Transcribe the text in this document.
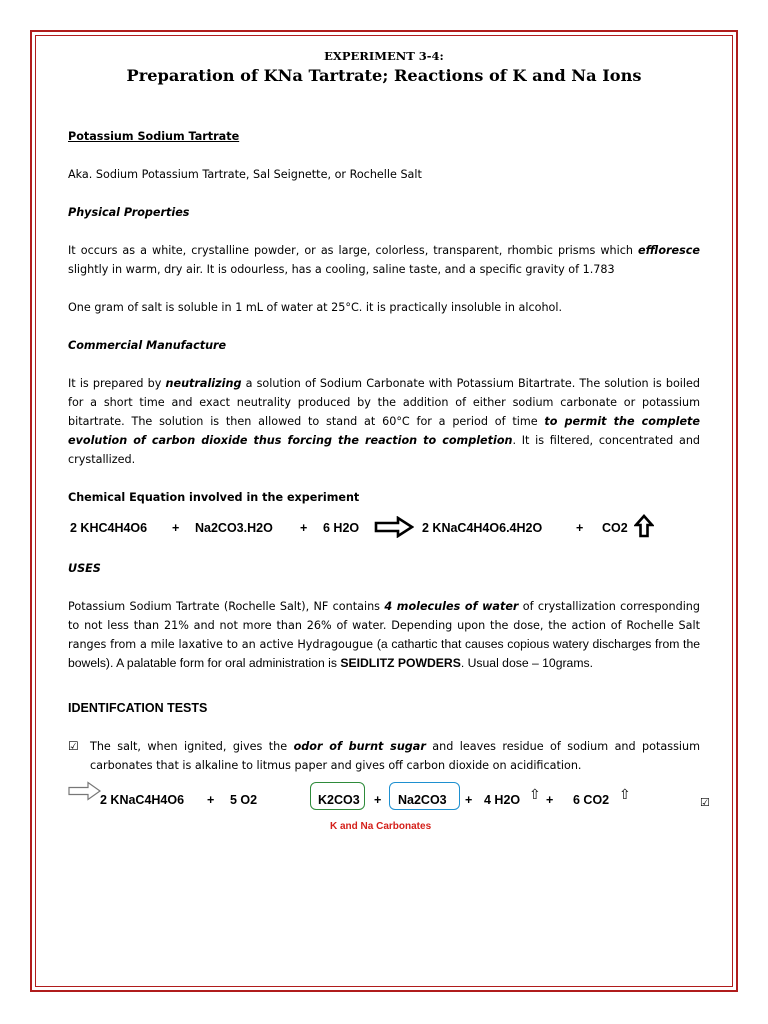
EXPERIMENT 3-4:
Preparation of KNa Tartrate; Reactions of K and Na Ions

Potassium Sodium Tartrate

Aka. Sodium Potassium Tartrate, Sal Seignette, or Rochelle Salt

Physical Properties

It occurs as a white, crystalline powder, or as large, colorless, transparent, rhombic prisms which effloresce slightly in warm, dry air. It is odourless, has a cooling, saline taste, and a specific gravity of 1.783

One gram of salt is soluble in 1 mL of water at 25°C. it is practically insoluble in alcohol.

Commercial Manufacture

It is prepared by neutralizing a solution of Sodium Carbonate with Potassium Bitartrate. The solution is boiled for a short time and exact neutrality produced by the addition of either sodium carbonate or potassium bitartrate. The solution is then allowed to stand at 60°C for a period of time to permit the complete evolution of carbon dioxide thus forcing the reaction to completion. It is filtered, concentrated and crystallized.

Chemical Equation involved in the experiment

2 KHC4H4O6 + Na2CO3.H2O + 6 H2O → 2 KNaC4H4O6.4H2O	+ CO2

USES

Potassium Sodium Tartrate (Rochelle Salt), NF contains 4 molecules of water of crystallization corresponding to not less than 21% and not more than 26% of water. Depending upon the dose, the action of Rochelle Salt ranges from a mile laxative to an active Hydragougue (a cathartic that causes copious watery discharges from the bowels). A palatable form for oral administration is SEIDLITZ POWDERS. Usual dose – 10grams.

IDENTIFCATION TESTS

☑ The salt, when ignited, gives the odor of burnt sugar and leaves residue of sodium and potassium carbonates that is alkaline to litmus paper and gives off carbon dioxide on acidification.
2 KNaC4H4O6 + 5 O2	K2CO3 + Na2CO3 + 4 H2O ⇧ + 6 CO2 ⇧
☑
K and Na Carbonates
